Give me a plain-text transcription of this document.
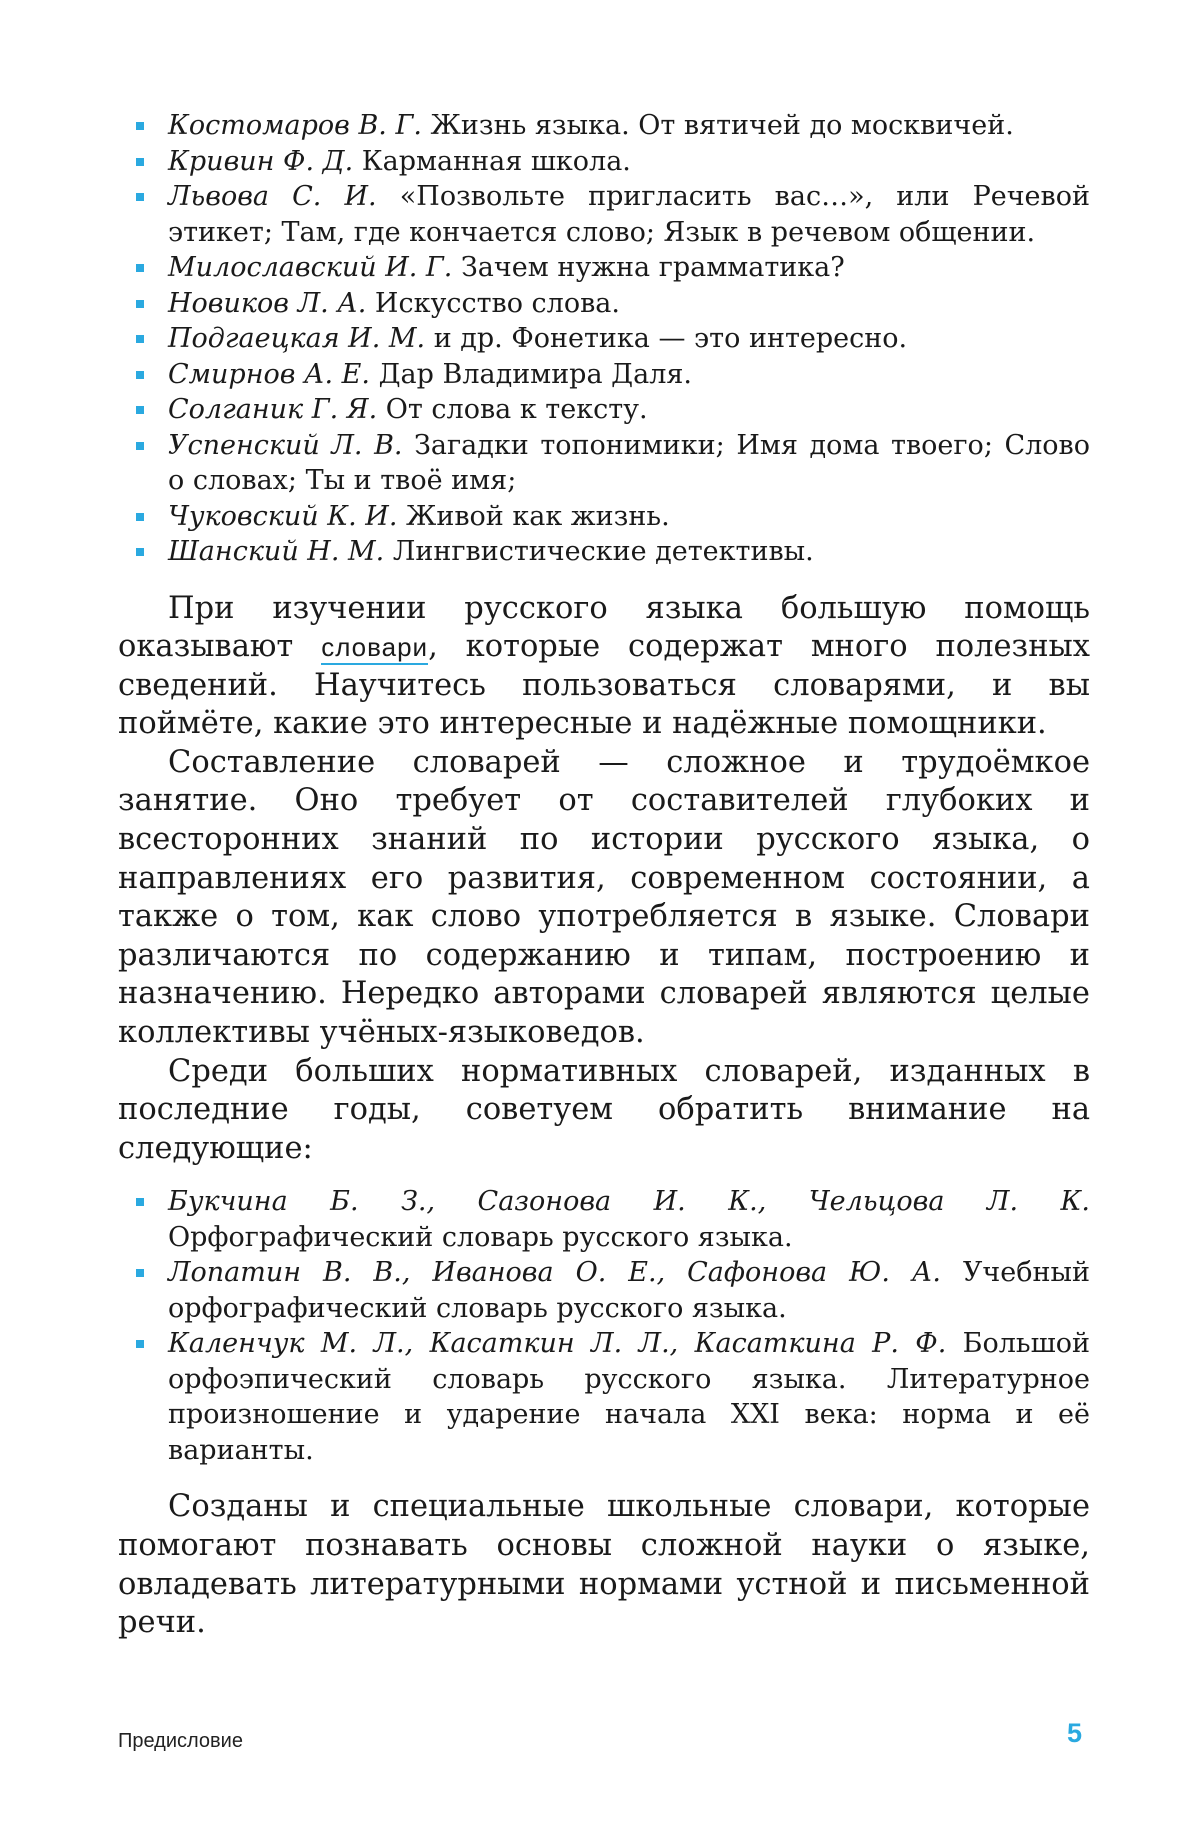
Костомаров В. Г. Жизнь языка. От вятичей до москвичей.
Кривин Ф. Д. Карманная школа.
Львова С. И. «Позвольте пригласить вас…», или Речевой этикет; Там, где кончается слово; Язык в речевом общении.
Милославский И. Г. Зачем нужна грамматика?
Новиков Л. А. Искусство слова.
Подгаецкая И. М. и др. Фонетика — это интересно.
Смирнов А. Е. Дар Владимира Даля.
Солганик Г. Я. От слова к тексту.
Успенский Л. В. Загадки топонимики; Имя дома твоего; Слово о словах; Ты и твоё имя;
Чуковский К. И. Живой как жизнь.
Шанский Н. М. Лингвистические детективы.

При изучении русского языка большую помощь оказывают словари, которые содержат много полезных сведений. Научитесь пользоваться словарями, и вы поймёте, какие это интересные и надёжные помощники.

Составление словарей — сложное и трудоёмкое занятие. Оно требует от составителей глубоких и всесторонних знаний по истории русского языка, о направлениях его развития, современном состоянии, а также о том, как слово употребляется в языке. Словари различаются по содержанию и типам, построению и назначению. Нередко авторами словарей являются целые коллективы учёных-языковедов.

Среди больших нормативных словарей, изданных в последние годы, советуем обратить внимание на следующие:

Букчина Б. З., Сазонова И. К., Чельцова Л. К. Орфографический словарь русского языка.
Лопатин В. В., Иванова О. Е., Сафонова Ю. А. Учебный орфографический словарь русского языка.
Каленчук М. Л., Касаткин Л. Л., Касаткина Р. Ф. Большой орфоэпический словарь русского языка. Литературное произношение и ударение начала XXI века: норма и её варианты.

Созданы и специальные школьные словари, которые помогают познавать основы сложной науки о языке, овладевать литературными нормами устной и письменной речи.

Предисловие	5
